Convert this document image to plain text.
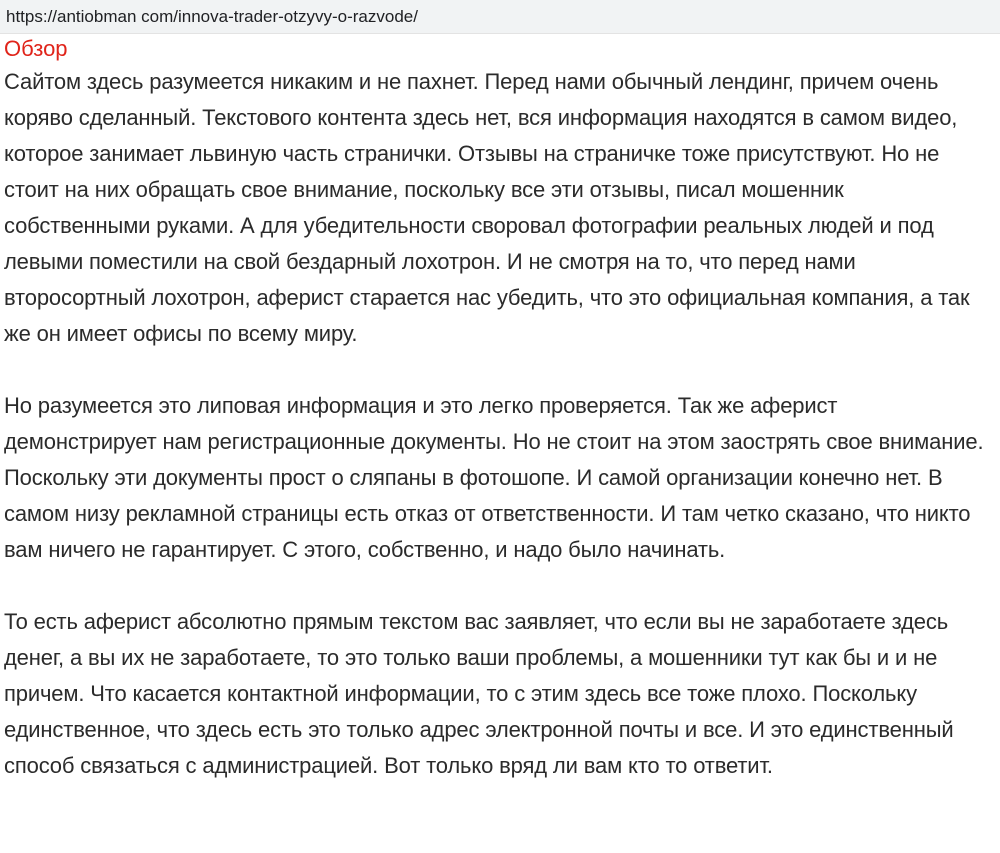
https://antiobman com/innova-trader-otzyvy-o-razvode/
Обзор

Сайтом здесь разумеется никаким и не пахнет. Перед нами обычный лендинг, причем очень коряво сделанный. Текстового контента здесь нет, вся информация находятся в самом видео, которое занимает львиную часть странички. Отзывы на страничке тоже присутствуют. Но не стоит на них обращать свое внимание, поскольку все эти отзывы, писал мошенник собственными руками. А для убедительности своровал фотографии реальных людей и под левыми поместили на свой бездарный лохотрон. И не смотря на то, что перед нами второсортный лохотрон, аферист старается нас убедить, что это официальная компания, а так же он имеет офисы по всему миру.

Но разумеется это липовая информация и это легко проверяется. Так же аферист демонстрирует нам регистрационные документы. Но не стоит на этом заострять свое внимание. Поскольку эти документы прост о сляпаны в фотошопе. И самой организации конечно нет. В самом низу рекламной страницы есть отказ от ответственности. И там четко сказано, что никто вам ничего не гарантирует. С этого, собственно, и надо было начинать.

То есть аферист абсолютно прямым текстом вас заявляет, что если вы не заработаете здесь денег, а вы их не заработаете, то это только ваши проблемы, а мошенники тут как бы и и не причем. Что касается контактной информации, то с этим здесь все тоже плохо. Поскольку единственное, что здесь есть это только адрес электронной почты и все. И это единственный способ связаться с администрацией. Вот только вряд ли вам кто то ответит.
